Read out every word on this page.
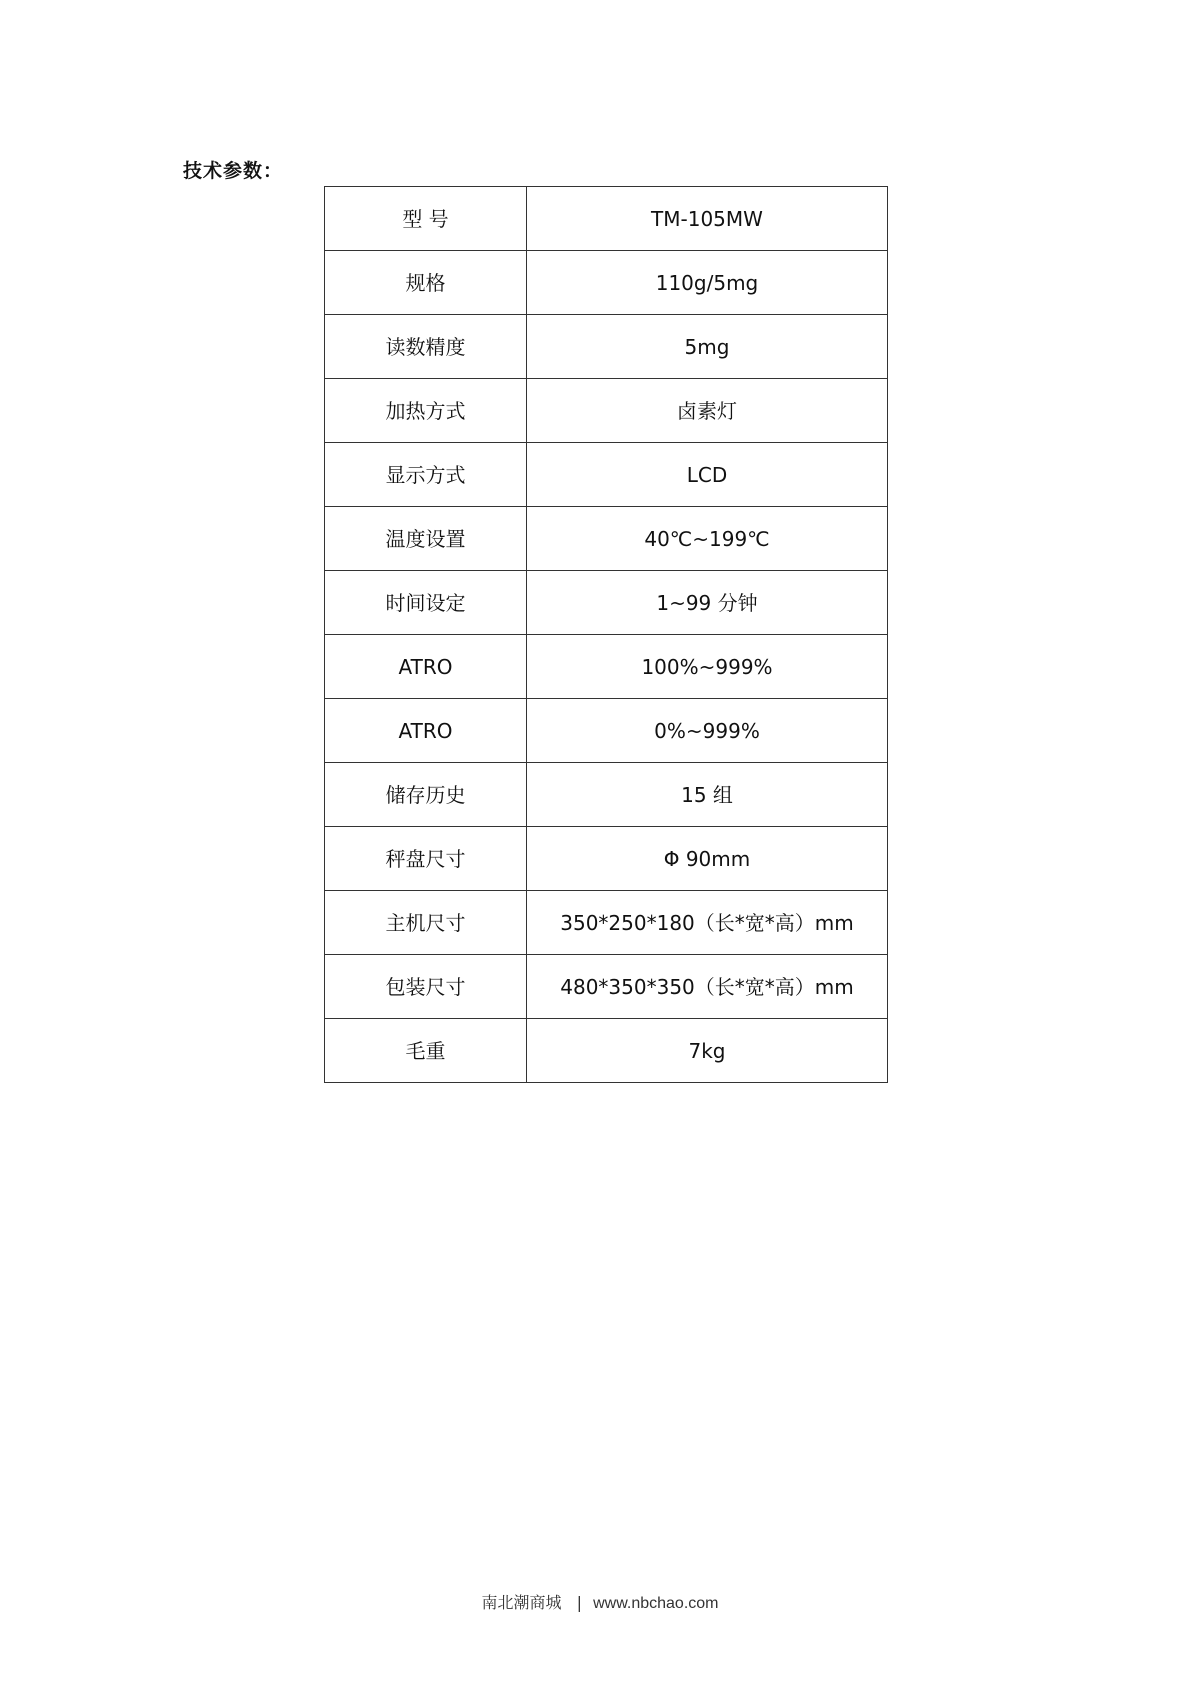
技术参数：
型 号	TM-105MW
规格	110g/5mg
读数精度	5mg
加热方式	卤素灯
显示方式	LCD
温度设置	40℃~199℃
时间设定	1~99 分钟
ATRO	100%~999%
ATRO	0%~999%
储存历史	15 组
秤盘尺寸	Φ 90mm
主机尺寸	350*250*180（长*宽*高）mm
包装尺寸	480*350*350（长*宽*高）mm
毛重	7kg
南北潮商城 | www.nbchao.com
